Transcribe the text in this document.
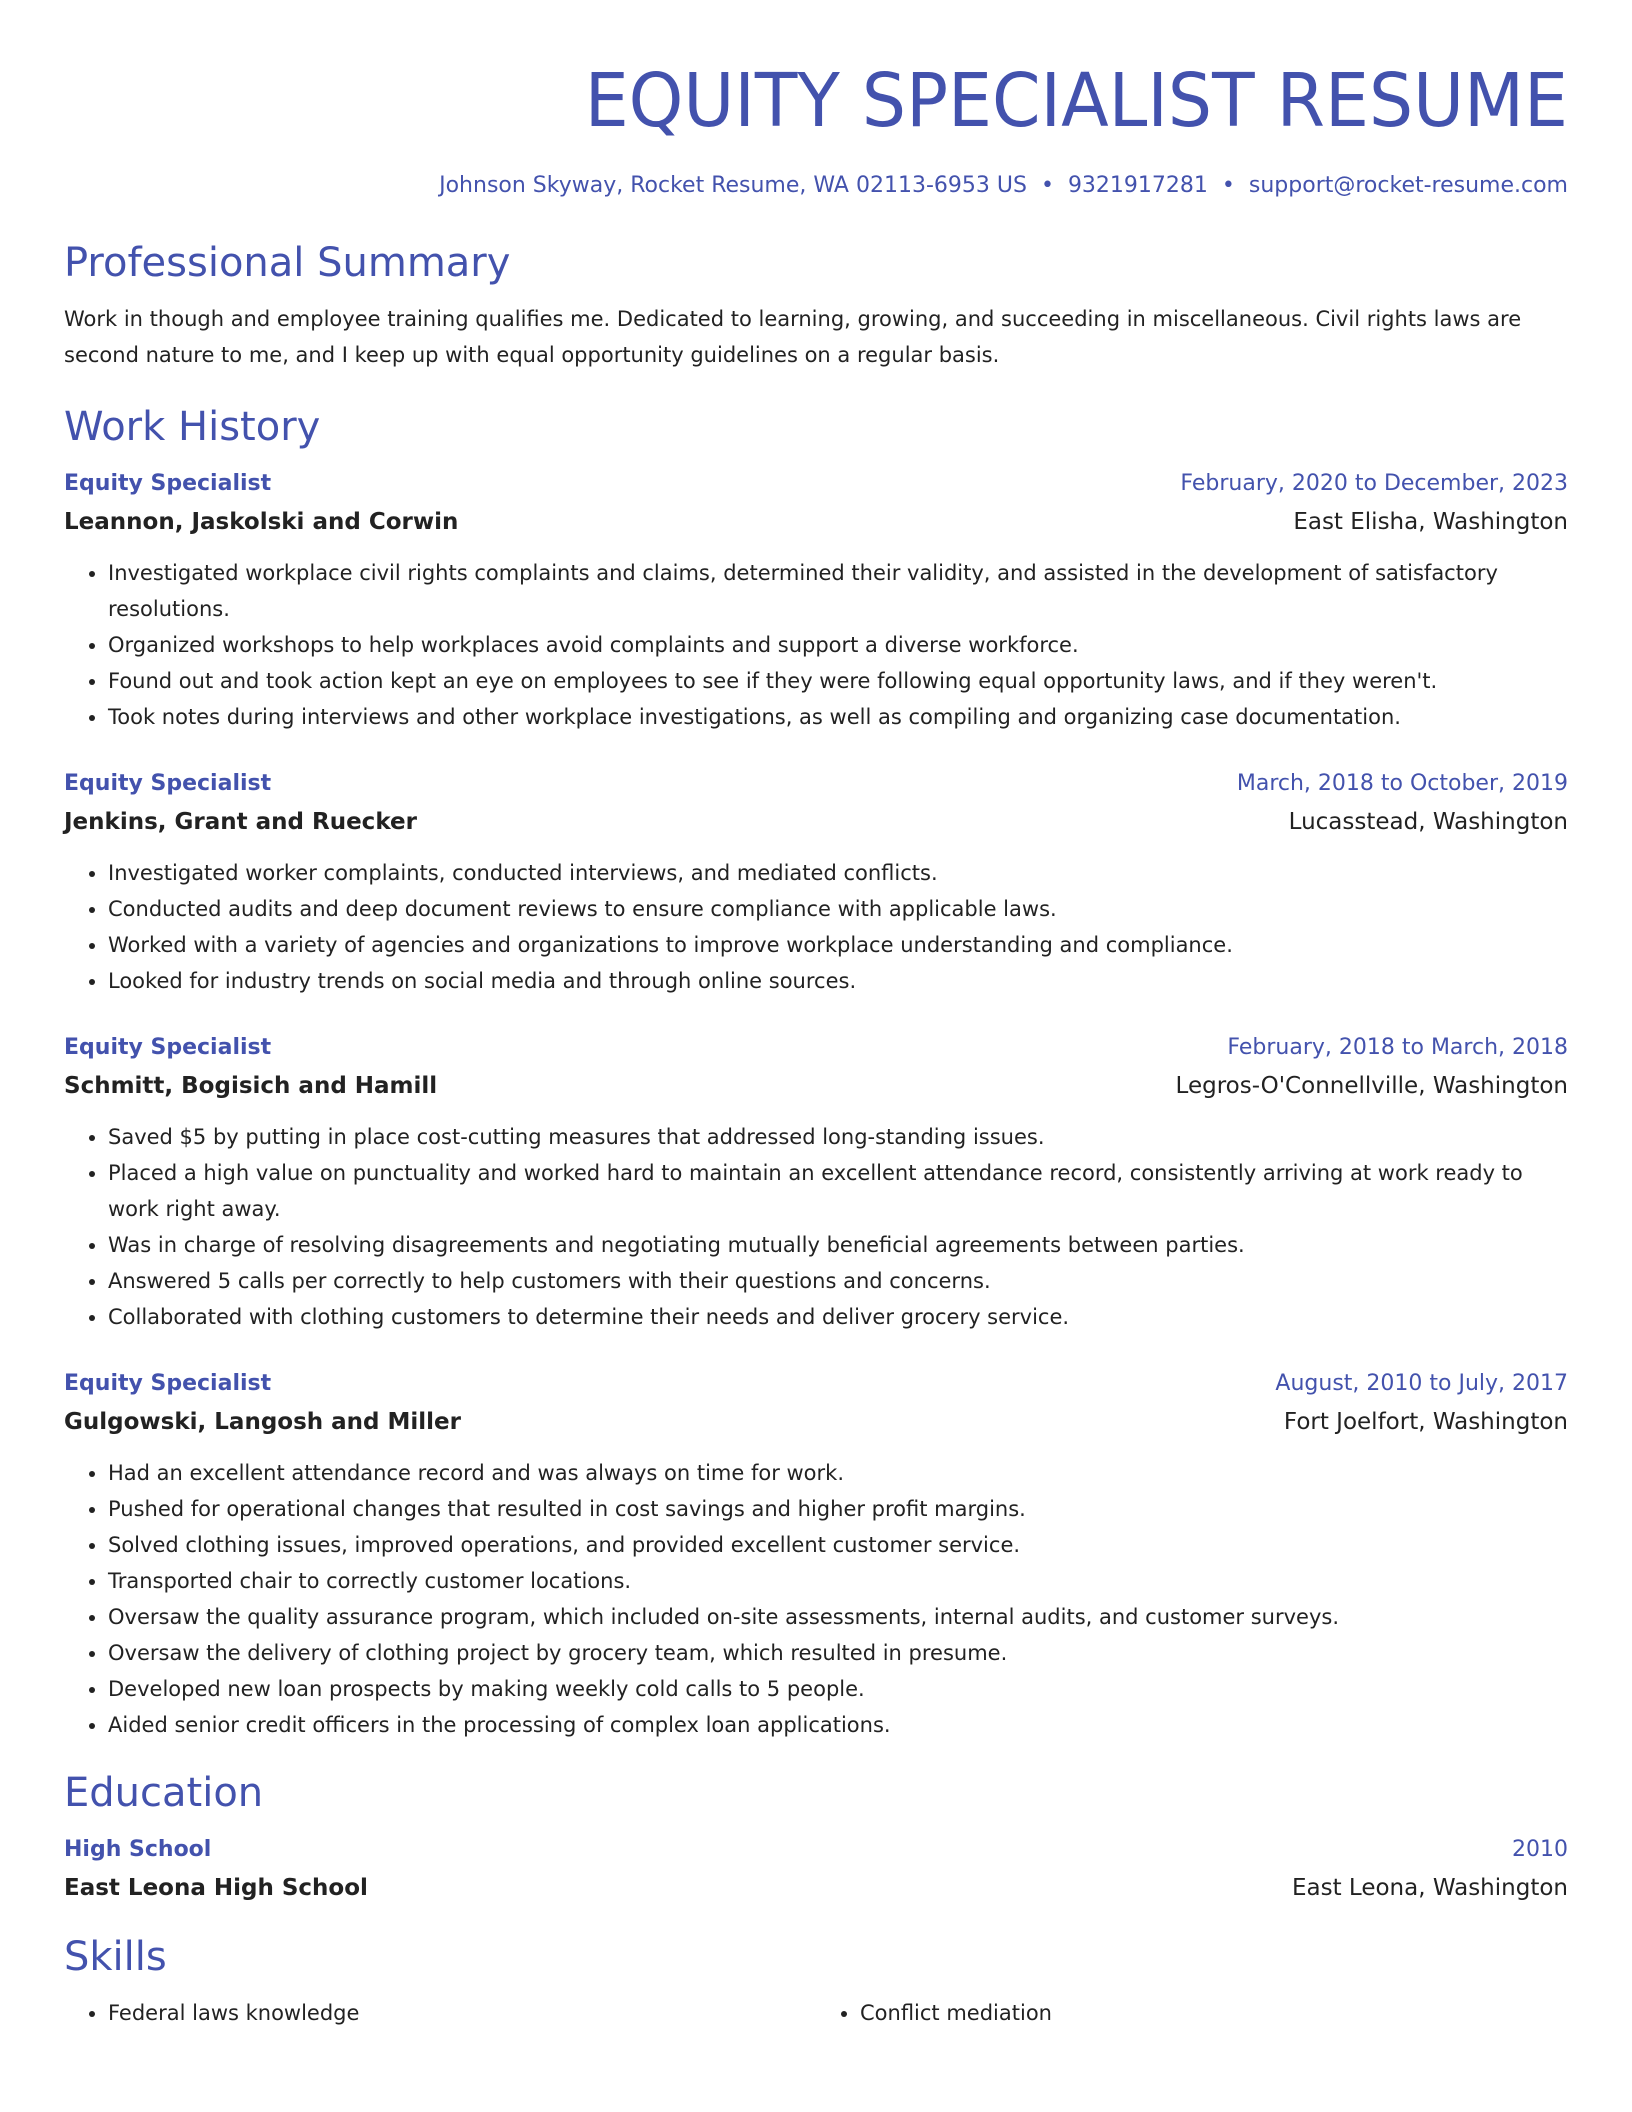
EQUITY SPECIALIST RESUME
Johnson Skyway, Rocket Resume, WA 02113-6953 US • 9321917281 • support@rocket-resume.com
Professional Summary
Work in though and employee training qualifies me. Dedicated to learning, growing, and succeeding in miscellaneous. Civil rights laws are second nature to me, and I keep up with equal opportunity guidelines on a regular basis.
Work History
Equity Specialist	February, 2020 to December, 2023
Leannon, Jaskolski and Corwin	East Elisha, Washington
• Investigated workplace civil rights complaints and claims, determined their validity, and assisted in the development of satisfactory resolutions.
• Organized workshops to help workplaces avoid complaints and support a diverse workforce.
• Found out and took action kept an eye on employees to see if they were following equal opportunity laws, and if they weren't.
• Took notes during interviews and other workplace investigations, as well as compiling and organizing case documentation.
Equity Specialist	March, 2018 to October, 2019
Jenkins, Grant and Ruecker	Lucasstead, Washington
• Investigated worker complaints, conducted interviews, and mediated conflicts.
• Conducted audits and deep document reviews to ensure compliance with applicable laws.
• Worked with a variety of agencies and organizations to improve workplace understanding and compliance.
• Looked for industry trends on social media and through online sources.
Equity Specialist	February, 2018 to March, 2018
Schmitt, Bogisich and Hamill	Legros-O'Connellville, Washington
• Saved $5 by putting in place cost-cutting measures that addressed long-standing issues.
• Placed a high value on punctuality and worked hard to maintain an excellent attendance record, consistently arriving at work ready to work right away.
• Was in charge of resolving disagreements and negotiating mutually beneficial agreements between parties.
• Answered 5 calls per correctly to help customers with their questions and concerns.
• Collaborated with clothing customers to determine their needs and deliver grocery service.
Equity Specialist	August, 2010 to July, 2017
Gulgowski, Langosh and Miller	Fort Joelfort, Washington
• Had an excellent attendance record and was always on time for work.
• Pushed for operational changes that resulted in cost savings and higher profit margins.
• Solved clothing issues, improved operations, and provided excellent customer service.
• Transported chair to correctly customer locations.
• Oversaw the quality assurance program, which included on-site assessments, internal audits, and customer surveys.
• Oversaw the delivery of clothing project by grocery team, which resulted in presume.
• Developed new loan prospects by making weekly cold calls to 5 people.
• Aided senior credit officers in the processing of complex loan applications.
Education
High School	2010
East Leona High School	East Leona, Washington
Skills
• Federal laws knowledge
•	Conflict mediation
